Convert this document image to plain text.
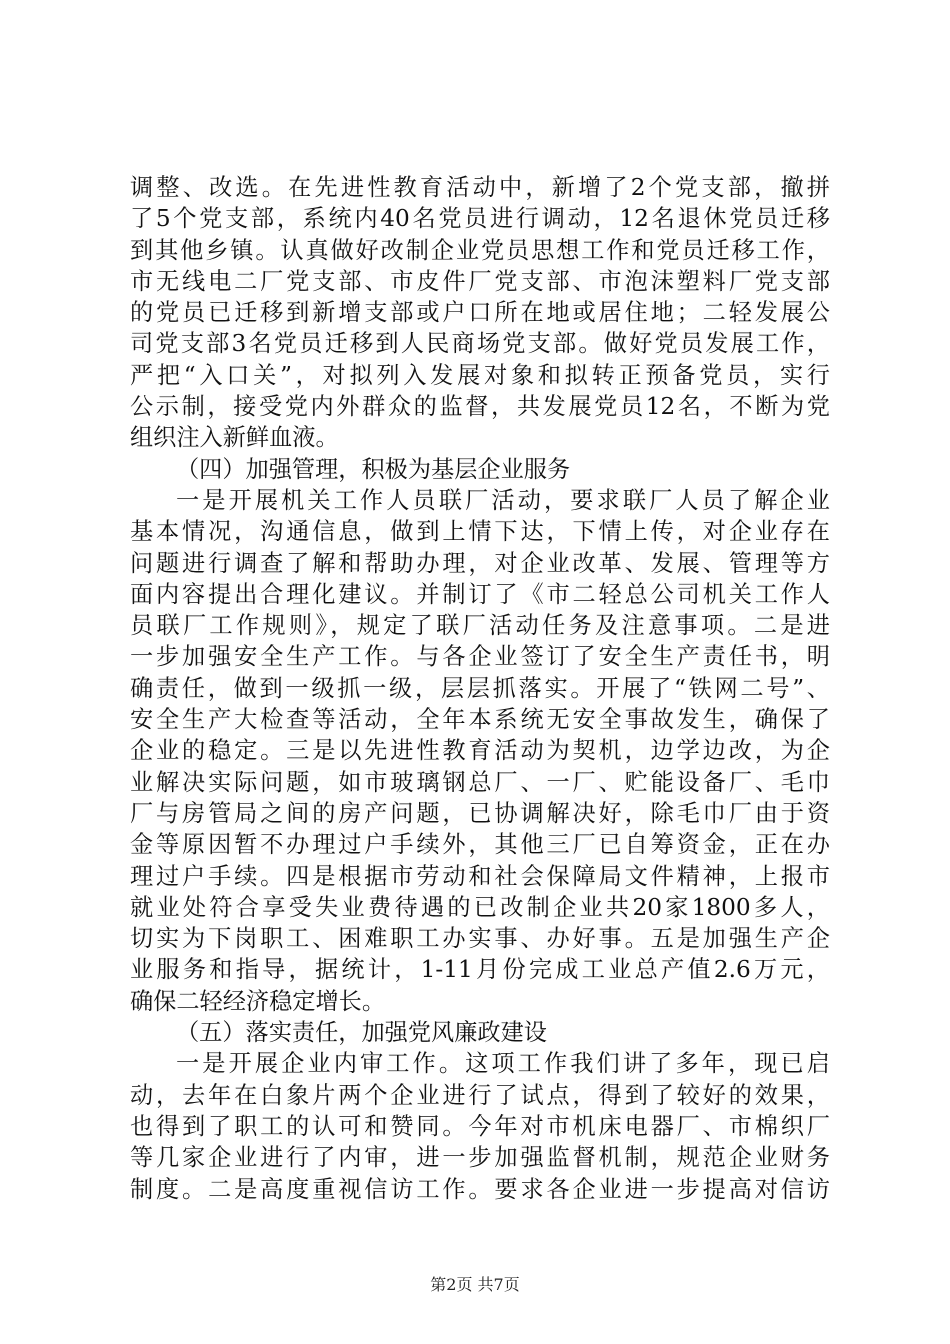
调整、改选。在先进性教育活动中，新增了2个党支部，撤拼
了5个党支部，系统内40名党员进行调动，12名退休党员迁移
到其他乡镇。认真做好改制企业党员思想工作和党员迁移工作，
市无线电二厂党支部、市皮件厂党支部、市泡沫塑料厂党支部
的党员已迁移到新增支部或户口所在地或居住地；二轻发展公
司党支部3名党员迁移到人民商场党支部。做好党员发展工作，
严把“入口关”，对拟列入发展对象和拟转正预备党员，实行
公示制，接受党内外群众的监督，共发展党员12名，不断为党
组织注入新鲜血液。
（四）加强管理，积极为基层企业服务
一是开展机关工作人员联厂活动，要求联厂人员了解企业
基本情况，沟通信息，做到上情下达，下情上传，对企业存在
问题进行调查了解和帮助办理，对企业改革、发展、管理等方
面内容提出合理化建议。并制订了《市二轻总公司机关工作人
员联厂工作规则》，规定了联厂活动任务及注意事项。二是进
一步加强安全生产工作。与各企业签订了安全生产责任书，明
确责任，做到一级抓一级，层层抓落实。开展了“铁网二号”、
安全生产大检查等活动，全年本系统无安全事故发生，确保了
企业的稳定。三是以先进性教育活动为契机，边学边改，为企
业解决实际问题，如市玻璃钢总厂、一厂、贮能设备厂、毛巾
厂与房管局之间的房产问题，已协调解决好，除毛巾厂由于资
金等原因暂不办理过户手续外，其他三厂已自筹资金，正在办
理过户手续。四是根据市劳动和社会保障局文件精神，上报市
就业处符合享受失业费待遇的已改制企业共20家1800多人，
切实为下岗职工、困难职工办实事、办好事。五是加强生产企
业服务和指导，据统计，1-11月份完成工业总产值2.6万元，
确保二轻经济稳定增长。
（五）落实责任，加强党风廉政建设
一是开展企业内审工作。这项工作我们讲了多年，现已启
动，去年在白象片两个企业进行了试点，得到了较好的效果，
也得到了职工的认可和赞同。今年对市机床电器厂、市棉织厂
等几家企业进行了内审，进一步加强监督机制，规范企业财务
制度。二是高度重视信访工作。要求各企业进一步提高对信访
第2页 共7页
